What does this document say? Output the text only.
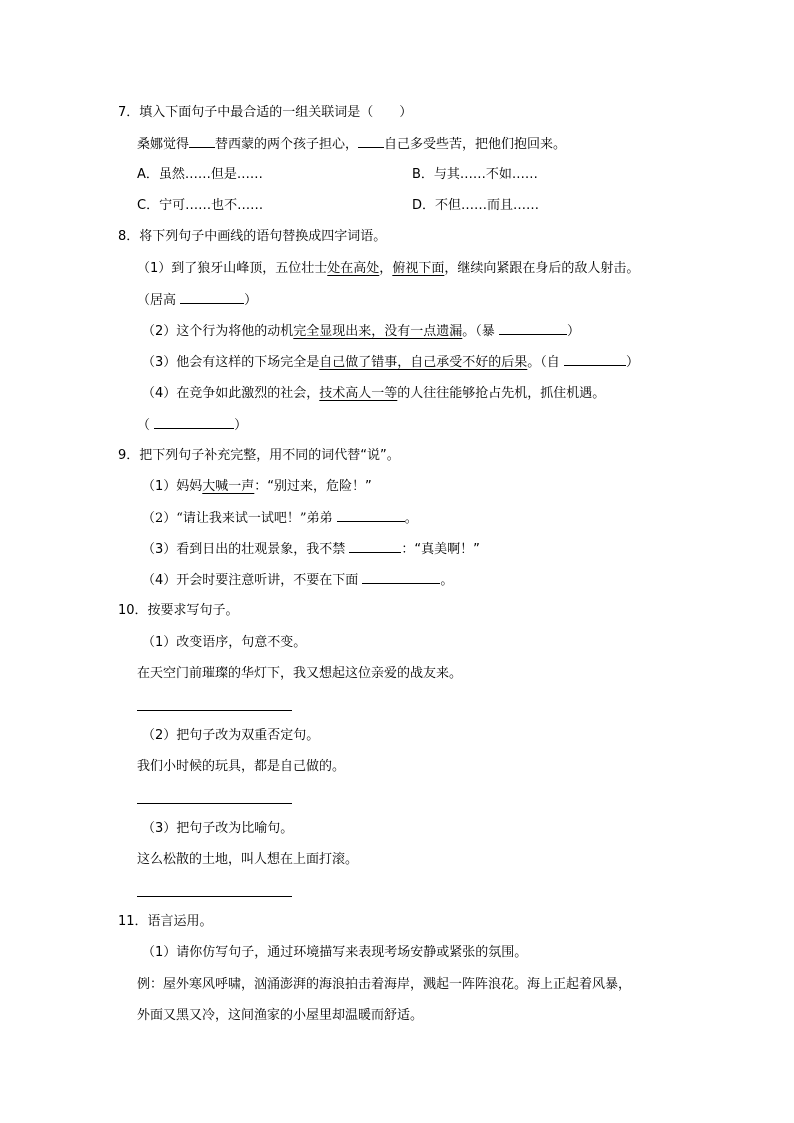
7．填入下面句子中最合适的一组关联词是（　　）
桑娜觉得 替西蒙的两个孩子担心， 自己多受些苦，把他们抱回来。
A．虽然……但是……	B．与其……不如……
C．宁可……也不……	D．不但……而且……
8．将下列句子中画线的语句替换成四字词语。
（1）到了狼牙山峰顶，五位壮士处在高处，俯视下面，继续向紧跟在身后的敌人射击。
（居高	）
（2）这个行为将他的动机完全显现出来，没有一点遗漏。（暴	）
（3）他会有这样的下场完全是自己做了错事，自己承受不好的后果。（自	）
（4）在竞争如此激烈的社会，技术高人一等的人往往能够抢占先机，抓住机遇。
（	）
9．把下列句子补充完整，用不同的词代替“说”。
（1）妈妈大喊一声：“别过来，危险！”
（2）“请让我来试一试吧！”弟弟	。
（3）看到日出的壮观景象，我不禁	：“真美啊！”
（4）开会时要注意听讲，不要在下面	。
10．按要求写句子。
（1）改变语序，句意不变。
在天空门前璀璨的华灯下，我又想起这位亲爱的战友来。
（2）把句子改为双重否定句。
我们小时候的玩具，都是自己做的。
（3）把句子改为比喻句。
这么松散的土地，叫人想在上面打滚。
11．语言运用。
（1）请你仿写句子，通过环境描写来表现考场安静或紧张的氛围。
例：屋外寒风呼啸，汹涌澎湃的海浪拍击着海岸，溅起一阵阵浪花。海上正起着风暴，
外面又黑又冷，这间渔家的小屋里却温暖而舒适。
